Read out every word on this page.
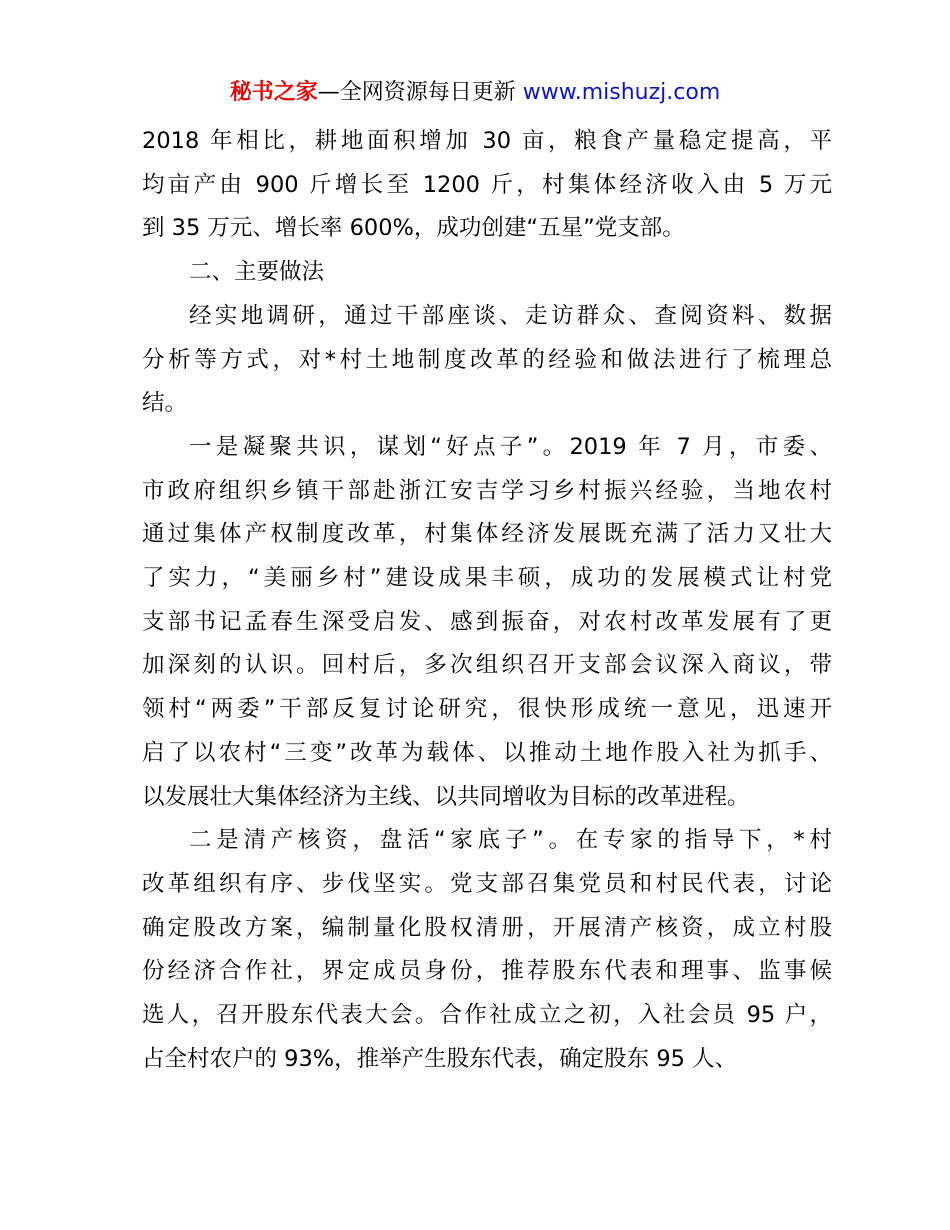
秘书之家—全网资源每日更新 www.mishuzj.com
2018 年相比，耕地面积增加 30 亩，粮食产量稳定提高，平
均亩产由 900 斤增长至 1200 斤，村集体经济收入由 5 万元
到 35 万元、增长率 600%，成功创建“五星”党支部。
二、主要做法
经实地调研，通过干部座谈、走访群众、查阅资料、数据
分析等方式，对*村土地制度改革的经验和做法进行了梳理总
结。
一是凝聚共识，谋划“好点子”。2019 年 7 月，市委、
市政府组织乡镇干部赴浙江安吉学习乡村振兴经验，当地农村
通过集体产权制度改革，村集体经济发展既充满了活力又壮大
了实力，“美丽乡村”建设成果丰硕，成功的发展模式让村党
支部书记孟春生深受启发、感到振奋，对农村改革发展有了更
加深刻的认识。回村后，多次组织召开支部会议深入商议，带
领村“两委”干部反复讨论研究，很快形成统一意见，迅速开
启了以农村“三变”改革为载体、以推动土地作股入社为抓手、
以发展壮大集体经济为主线、以共同增收为目标的改革进程。
二是清产核资，盘活“家底子”。在专家的指导下，*村
改革组织有序、步伐坚实。党支部召集党员和村民代表，讨论
确定股改方案，编制量化股权清册，开展清产核资，成立村股
份经济合作社，界定成员身份，推荐股东代表和理事、监事候
选人，召开股东代表大会。合作社成立之初，入社会员 95 户，
占全村农户的 93%，推举产生股东代表，确定股东 95 人、
